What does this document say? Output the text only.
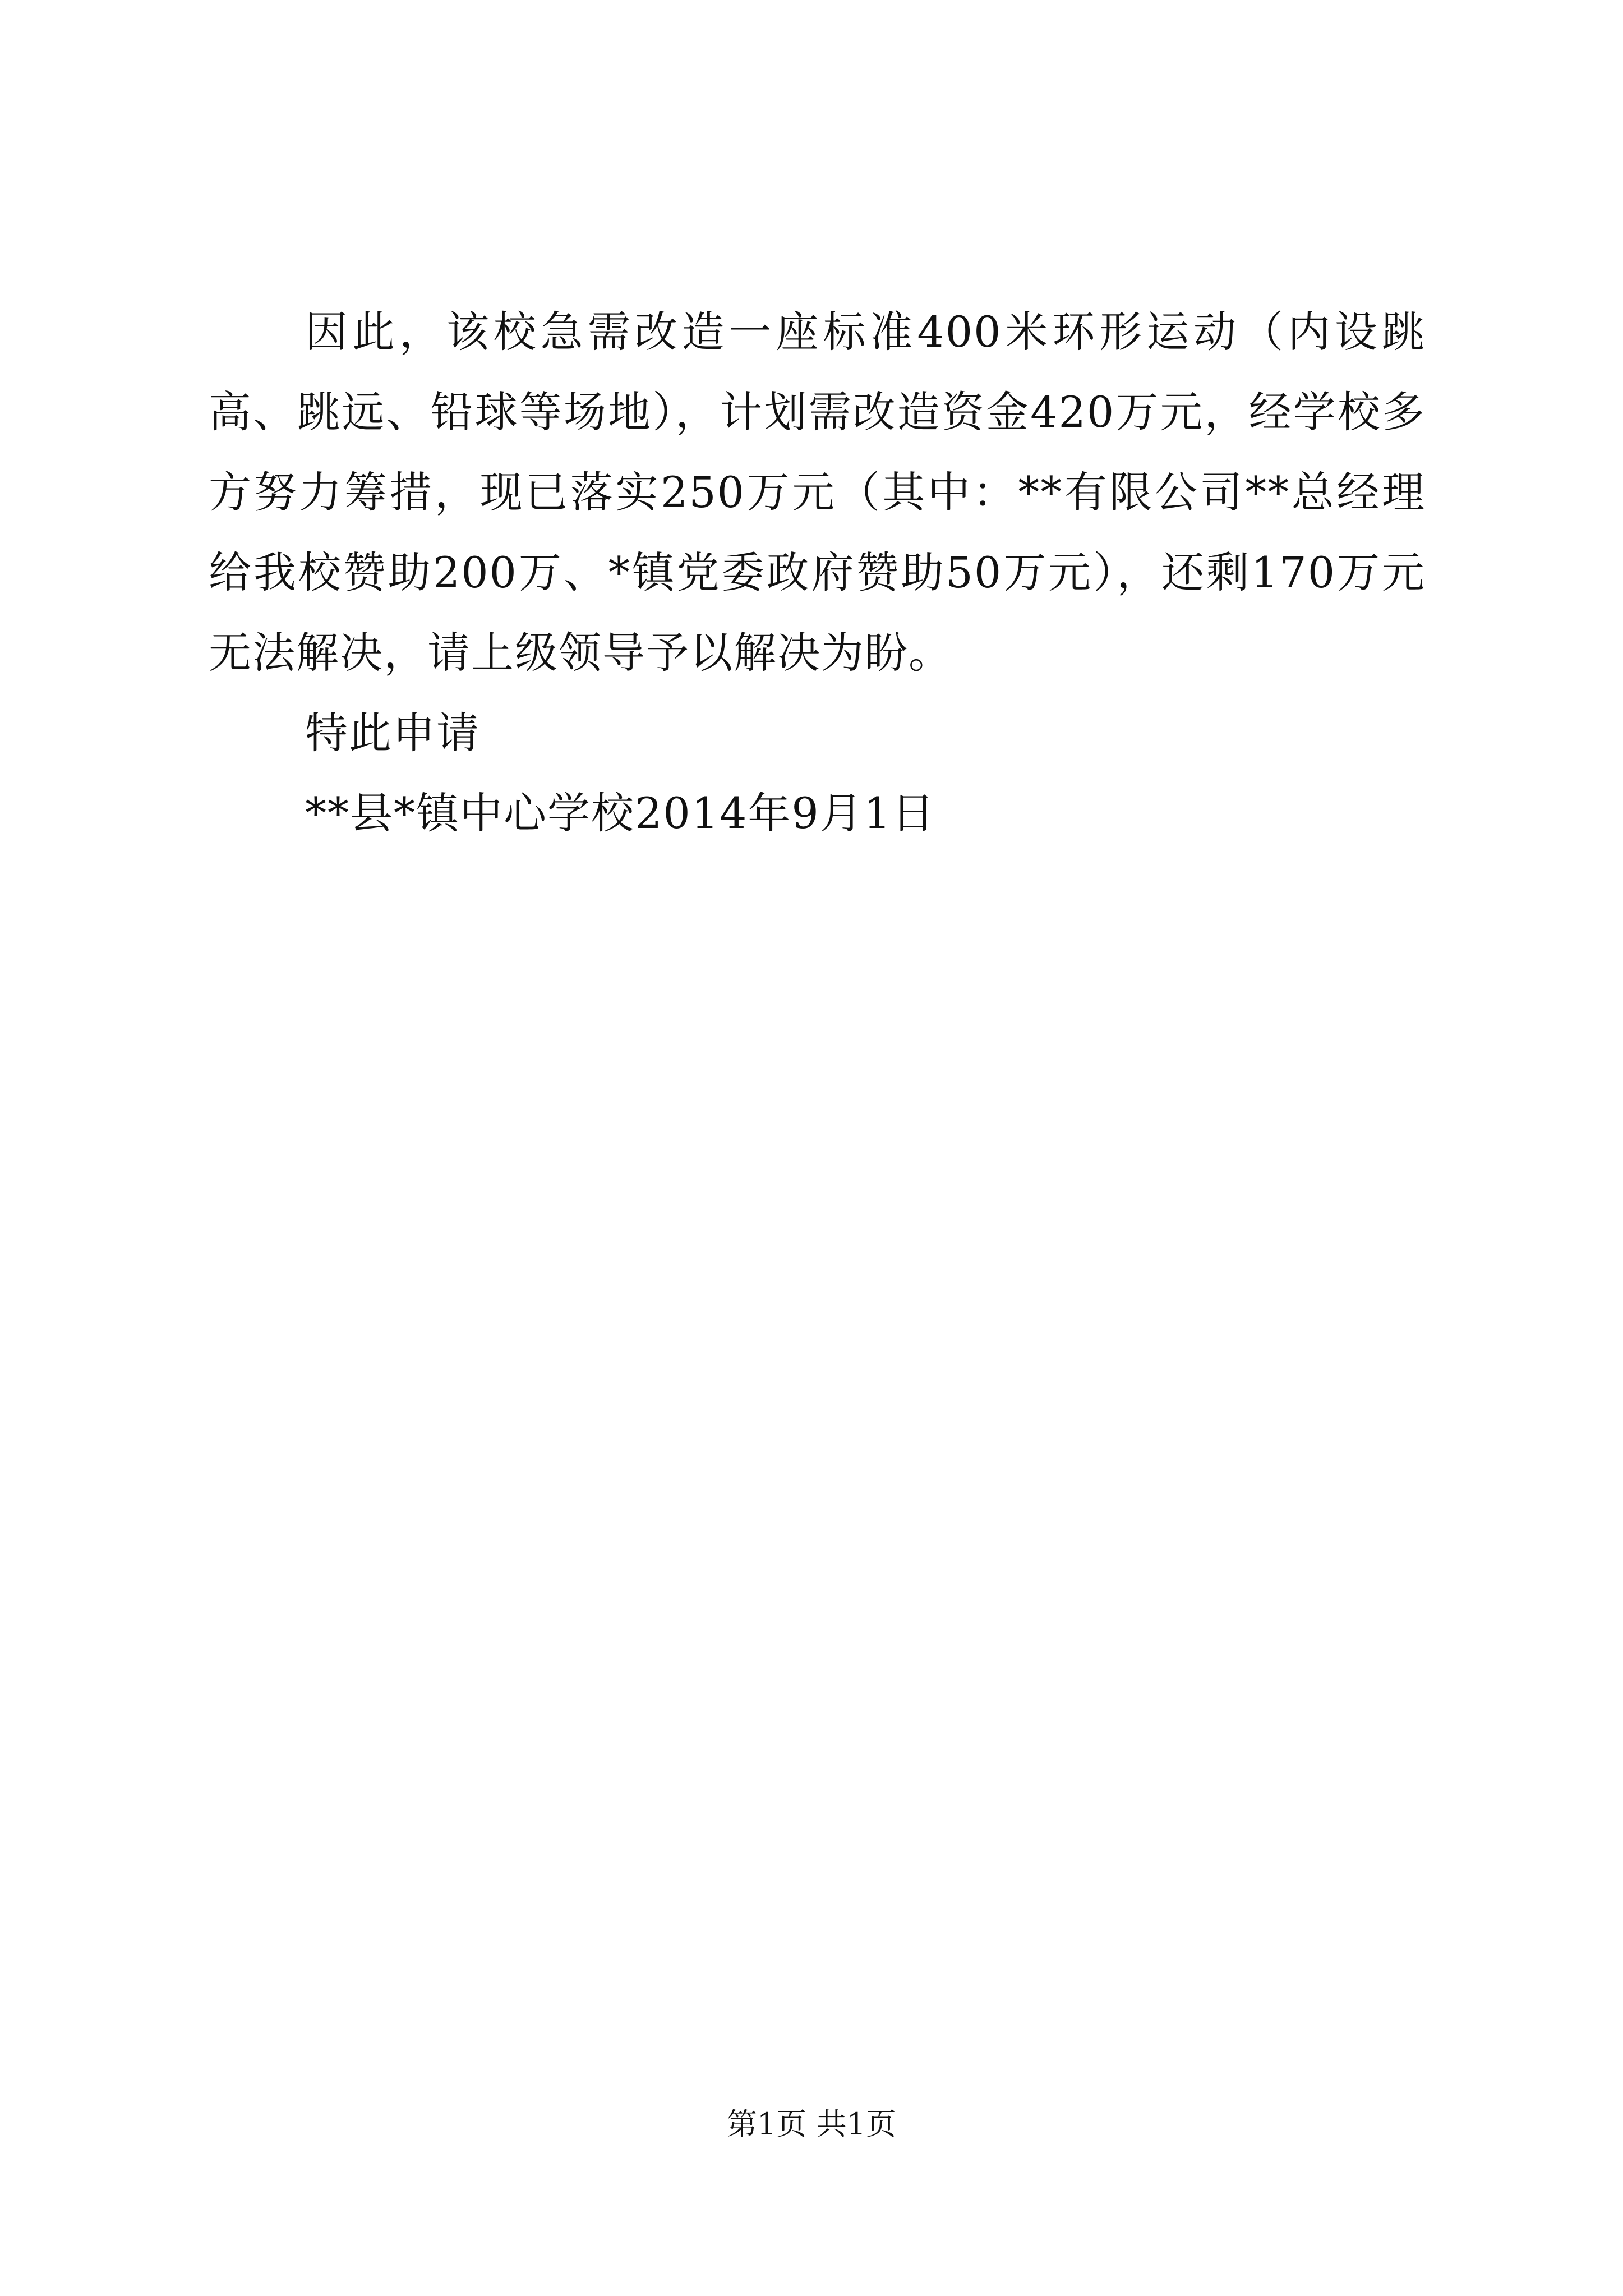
因此，该校急需改造一座标准400米环形运动（内设跳高、跳远、铅球等场地），计划需改造资金420万元，经学校多方努力筹措，现已落实250万元（其中：**有限公司**总经理给我校赞助200万、*镇党委政府赞助50万元），还剩170万元无法解决，请上级领导予以解决为盼。

特此申请

**县*镇中心学校2014年9月1日

第1页 共1页
